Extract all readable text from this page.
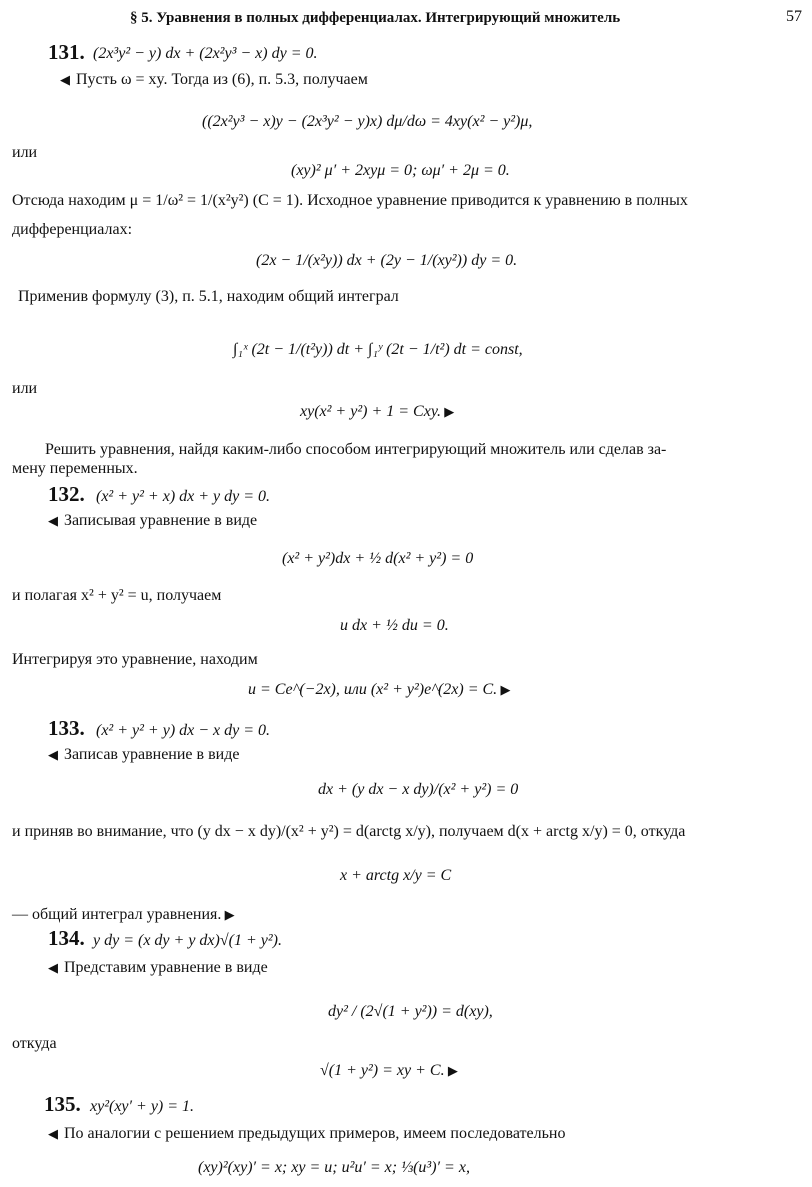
§ 5. Уравнения в полных дифференциалах. Интегрирующий множитель	57
131. (2x³y² − y) dx + (2x²y³ − x) dy = 0.
◀ Пусть ω = xy. Тогда из (6), п. 5.3, получаем
((2x²y³ − x)y − (2x³y² − y)x) dμ/dω = 4xy(x² − y²)μ,
или
(xy)² μ′ + 2xyμ = 0; ωμ′ + 2μ = 0.
Отсюда находим μ = 1/ω² = 1/(x²y²) (C = 1). Исходное уравнение приводится к уравнению в полных
дифференциалах:
(2x − 1/(x²y)) dx + (2y − 1/(xy²)) dy = 0.
Применив формулу (3), п. 5.1, находим общий интеграл
∫₁ˣ (2t − 1/(t²y)) dt + ∫₁ʸ (2t − 1/t²) dt = const,
или
xy(x² + y²) + 1 = Cxy. ▶
Решить уравнения, найдя каким-либо способом интегрирующий множитель или сделав за-
мену переменных.
132. (x² + y² + x) dx + y dy = 0.
◀ Записывая уравнение в виде
(x² + y²)dx + ½ d(x² + y²) = 0
и полагая x² + y² = u, получаем
u dx + ½ du = 0.
Интегрируя это уравнение, находим
u = Ce^(−2x), или (x² + y²)e^(2x) = C. ▶
133. (x² + y² + y) dx − x dy = 0.
◀ Записав уравнение в виде
dx + (y dx − x dy)/(x² + y²) = 0
и приняв во внимание, что (y dx − x dy)/(x² + y²) = d(arctg x/y), получаем d(x + arctg x/y) = 0, откуда
x + arctg x/y = C
— общий интеграл уравнения. ▶
134. y dy = (x dy + y dx)√(1 + y²).
◀ Представим уравнение в виде
dy² / (2√(1 + y²)) = d(xy),
откуда
√(1 + y²) = xy + C. ▶
135. xy²(xy′ + y) = 1.
◀ По аналогии с решением предыдущих примеров, имеем последовательно
(xy)²(xy)′ = x; xy = u; u²u′ = x; ⅓(u³)′ = x,
